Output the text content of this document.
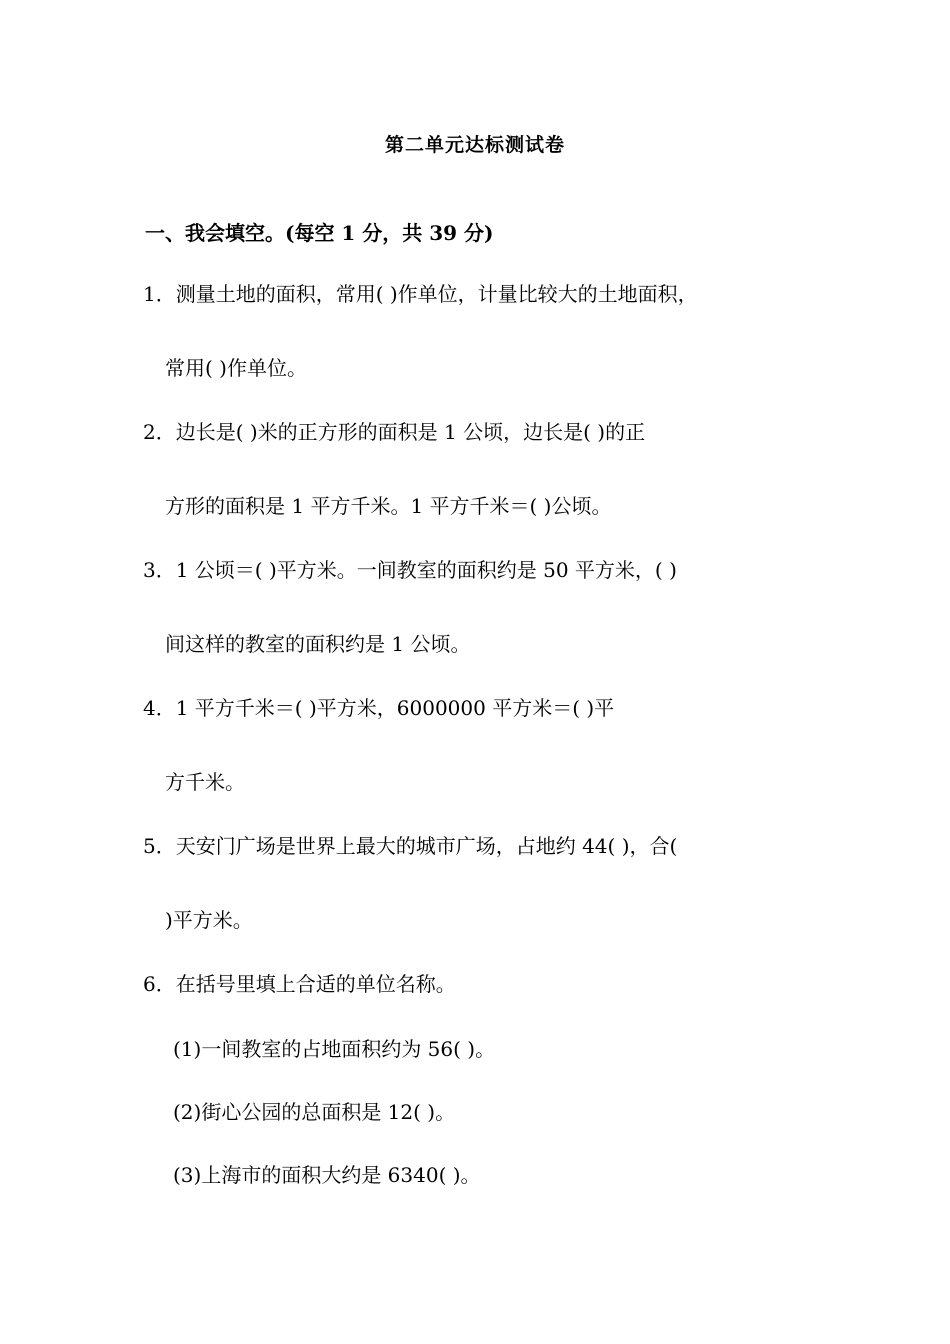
第二单元达标测试卷
一、我会填空。(每空 1 分，共 39 分)
1．测量土地的面积，常用( )作单位，计量比较大的土地面积，
常用( )作单位。
2．边长是( )米的正方形的面积是 1 公顷，边长是( )的正
方形的面积是 1 平方千米。1 平方千米＝( )公顷。
3．1 公顷＝( )平方米。一间教室的面积约是 50 平方米，( )
间这样的教室的面积约是 1 公顷。
4．1 平方千米＝( )平方米，6000000 平方米＝( )平
方千米。
5．天安门广场是世界上最大的城市广场，占地约 44( )，合(
)平方米。
6．在括号里填上合适的单位名称。
(1)一间教室的占地面积约为 56( )。
(2)街心公园的总面积是 12( )。
(3)上海市的面积大约是 6340( )。
